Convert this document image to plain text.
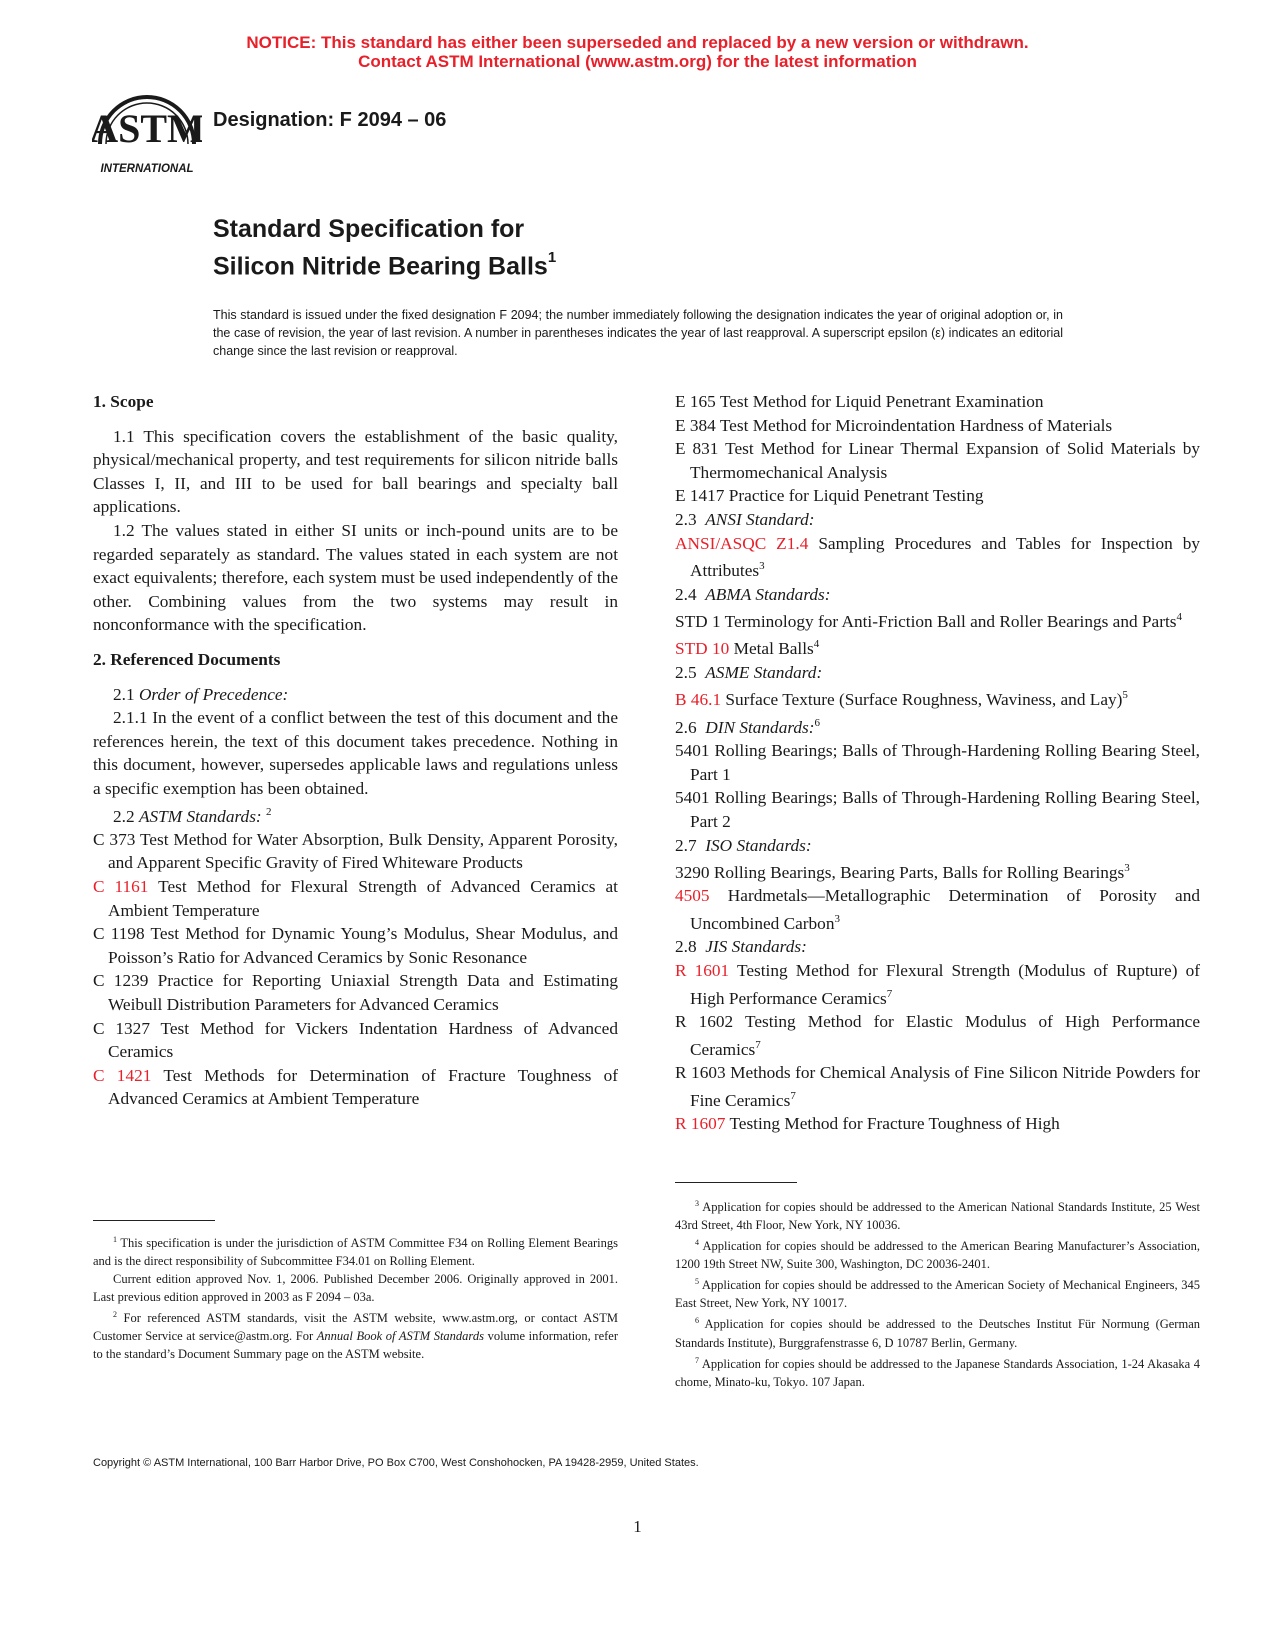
NOTICE: This standard has either been superseded and replaced by a new version or withdrawn.
Contact ASTM International (www.astm.org) for the latest information
ASTM
INTERNATIONAL
Designation: F 2094 – 06
Standard Specification for
Silicon Nitride Bearing Balls$^1$
This standard is issued under the fixed designation F 2094; the number immediately following the designation indicates the year of original adoption or, in the case of revision, the year of last revision. A number in parentheses indicates the year of last reapproval. A superscript epsilon (ε) indicates an editorial change since the last revision or reapproval.
1. Scope

1.1 This specification covers the establishment of the basic quality, physical/mechanical property, and test requirements for silicon nitride balls Classes I, II, and III to be used for ball bearings and specialty ball applications.

1.2 The values stated in either SI units or inch-pound units are to be regarded separately as standard. The values stated in each system are not exact equivalents; therefore, each system must be used independently of the other. Combining values from the two systems may result in nonconformance with the specification.

2. Referenced Documents

2.1 Order of Precedence:

2.1.1 In the event of a conflict between the test of this document and the references herein, the text of this document takes precedence. Nothing in this document, however, supersedes applicable laws and regulations unless a specific exemption has been obtained.

2.2 ASTM Standards: $^2$

C 373 Test Method for Water Absorption, Bulk Density, Apparent Porosity, and Apparent Specific Gravity of Fired Whiteware Products

C 1161 Test Method for Flexural Strength of Advanced Ceramics at Ambient Temperature

C 1198 Test Method for Dynamic Young’s Modulus, Shear Modulus, and Poisson’s Ratio for Advanced Ceramics by Sonic Resonance

C 1239 Practice for Reporting Uniaxial Strength Data and Estimating Weibull Distribution Parameters for Advanced Ceramics

C 1327 Test Method for Vickers Indentation Hardness of Advanced Ceramics

C 1421 Test Methods for Determination of Fracture Toughness of Advanced Ceramics at Ambient Temperature

E 165 Test Method for Liquid Penetrant Examination

E 384 Test Method for Microindentation Hardness of Materials

E 831 Test Method for Linear Thermal Expansion of Solid Materials by Thermomechanical Analysis

E 1417 Practice for Liquid Penetrant Testing

2.3 ANSI Standard:

ANSI/ASQC Z1.4 Sampling Procedures and Tables for Inspection by Attributes$^3$

2.4 ABMA Standards:

STD 1 Terminology for Anti-Friction Ball and Roller Bearings and Parts$^4$

STD 10 Metal Balls$^4$

2.5 ASME Standard:

B 46.1 Surface Texture (Surface Roughness, Waviness, and Lay)$^5$

2.6 DIN Standards:$^6$

5401 Rolling Bearings; Balls of Through-Hardening Rolling Bearing Steel, Part 1

5401 Rolling Bearings; Balls of Through-Hardening Rolling Bearing Steel, Part 2

2.7 ISO Standards:

3290 Rolling Bearings, Bearing Parts, Balls for Rolling Bearings$^3$

4505 Hardmetals—Metallographic Determination of Porosity and Uncombined Carbon$^3$

2.8 JIS Standards:

R 1601 Testing Method for Flexural Strength (Modulus of Rupture) of High Performance Ceramics$^7$

R 1602 Testing Method for Elastic Modulus of High Performance Ceramics$^7$

R 1603 Methods for Chemical Analysis of Fine Silicon Nitride Powders for Fine Ceramics$^7$

R 1607 Testing Method for Fracture Toughness of High

$^1$ This specification is under the jurisdiction of ASTM Committee F34 on Rolling Element Bearings and is the direct responsibility of Subcommittee F34.01 on Rolling Element.

Current edition approved Nov. 1, 2006. Published December 2006. Originally approved in 2001. Last previous edition approved in 2003 as F 2094 – 03a.

$^2$ For referenced ASTM standards, visit the ASTM website, www.astm.org, or contact ASTM Customer Service at service@astm.org. For Annual Book of ASTM Standards volume information, refer to the standard’s Document Summary page on the ASTM website.

$^3$ Application for copies should be addressed to the American National Standards Institute, 25 West 43rd Street, 4th Floor, New York, NY 10036.

$^4$ Application for copies should be addressed to the American Bearing Manufacturer’s Association, 1200 19th Street NW, Suite 300, Washington, DC 20036-2401.

$^5$ Application for copies should be addressed to the American Society of Mechanical Engineers, 345 East Street, New York, NY 10017.

$^6$ Application for copies should be addressed to the Deutsches Institut Für Normung (German Standards Institute), Burggrafenstrasse 6, D 10787 Berlin, Germany.

$^7$ Application for copies should be addressed to the Japanese Standards Association, 1-24 Akasaka 4 chome, Minato-ku, Tokyo. 107 Japan.

Copyright © ASTM International, 100 Barr Harbor Drive, PO Box C700, West Conshohocken, PA 19428-2959, United States.
1
